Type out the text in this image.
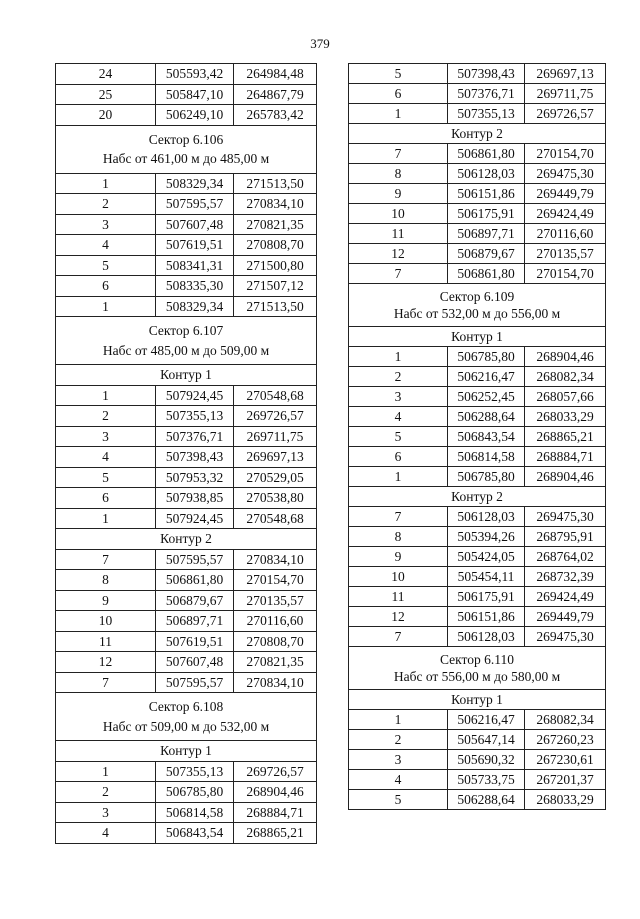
379
24	505593,42	264984,48
25	505847,10	264867,79
20	506249,10	265783,42

Сектор 6.106
Набс от 461,00 м до 485,00 м		

1	508329,34	271513,50
2	507595,57	270834,10
3	507607,48	270821,35
4	507619,51	270808,70
5	508341,31	271500,80
6	508335,30	271507,12
1	508329,34	271513,50

Сектор 6.107
Набс от 485,00 м до 509,00 м		

Контур 1		
1	507924,45	270548,68
2	507355,13	269726,57
3	507376,71	269711,75
4	507398,43	269697,13
5	507953,32	270529,05
6	507938,85	270538,80
1	507924,45	270548,68
Контур 2		
7	507595,57	270834,10
8	506861,80	270154,70
9	506879,67	270135,57
10	506897,71	270116,60
11	507619,51	270808,70
12	507607,48	270821,35
7	507595,57	270834,10

Сектор 6.108
Набс от 509,00 м до 532,00 м		

Контур 1		
1	507355,13	269726,57
2	506785,80	268904,46
3	506814,58	268884,71
4	506843,54	268865,21
5	507398,43	269697,13
6	507376,71	269711,75
1	507355,13	269726,57
Контур 2		
7	506861,80	270154,70
8	506128,03	269475,30
9	506151,86	269449,79
10	506175,91	269424,49
11	506897,71	270116,60
12	506879,67	270135,57
7	506861,80	270154,70

Сектор 6.109
Набс от 532,00 м до 556,00 м		

Контур 1		
1	506785,80	268904,46
2	506216,47	268082,34
3	506252,45	268057,66
4	506288,64	268033,29
5	506843,54	268865,21
6	506814,58	268884,71
1	506785,80	268904,46
Контур 2		
7	506128,03	269475,30
8	505394,26	268795,91
9	505424,05	268764,02
10	505454,11	268732,39
11	506175,91	269424,49
12	506151,86	269449,79
7	506128,03	269475,30

Сектор 6.110
Набс от 556,00 м до 580,00 м		

Контур 1		
1	506216,47	268082,34
2	505647,14	267260,23
3	505690,32	267230,61
4	505733,75	267201,37
5	506288,64	268033,29
